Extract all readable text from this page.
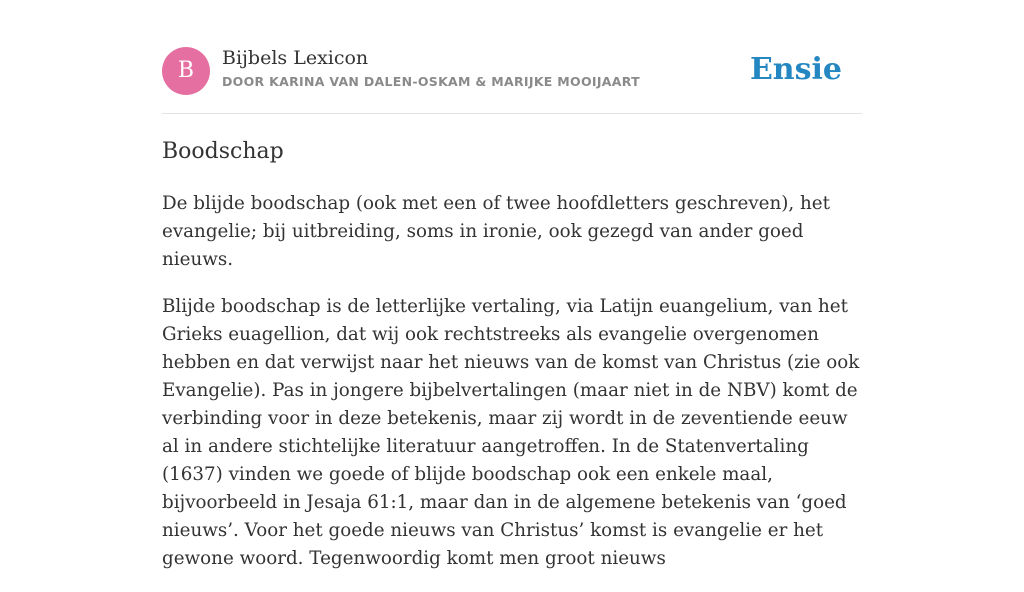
B	Bijbels Lexicon
DOOR KARINA VAN DALEN-OSKAM & MARIJKE MOOIJAART	Ensie
Boodschap

De blijde boodschap (ook met een of twee hoofdletters geschreven), het evangelie; bij uitbreiding, soms in ironie, ook gezegd van ander goed nieuws.

Blijde boodschap is de letterlijke vertaling, via Latijn euangelium, van het Grieks euagellion, dat wij ook rechtstreeks als evangelie overgenomen hebben en dat verwijst naar het nieuws van de komst van Christus (zie ook Evangelie). Pas in jongere bijbelvertalingen (maar niet in de NBV) komt de verbinding voor in deze betekenis, maar zij wordt in de zeventiende eeuw al in andere stichtelijke literatuur aangetroffen. In de Statenvertaling (1637) vinden we goede of blijde boodschap ook een enkele maal, bijvoorbeeld in Jesaja 61:1, maar dan in de algemene betekenis van ‘goed nieuws’. Voor het goede nieuws van Christus’ komst is evangelie er het gewone woord. Tegenwoordig komt men groot nieuws
